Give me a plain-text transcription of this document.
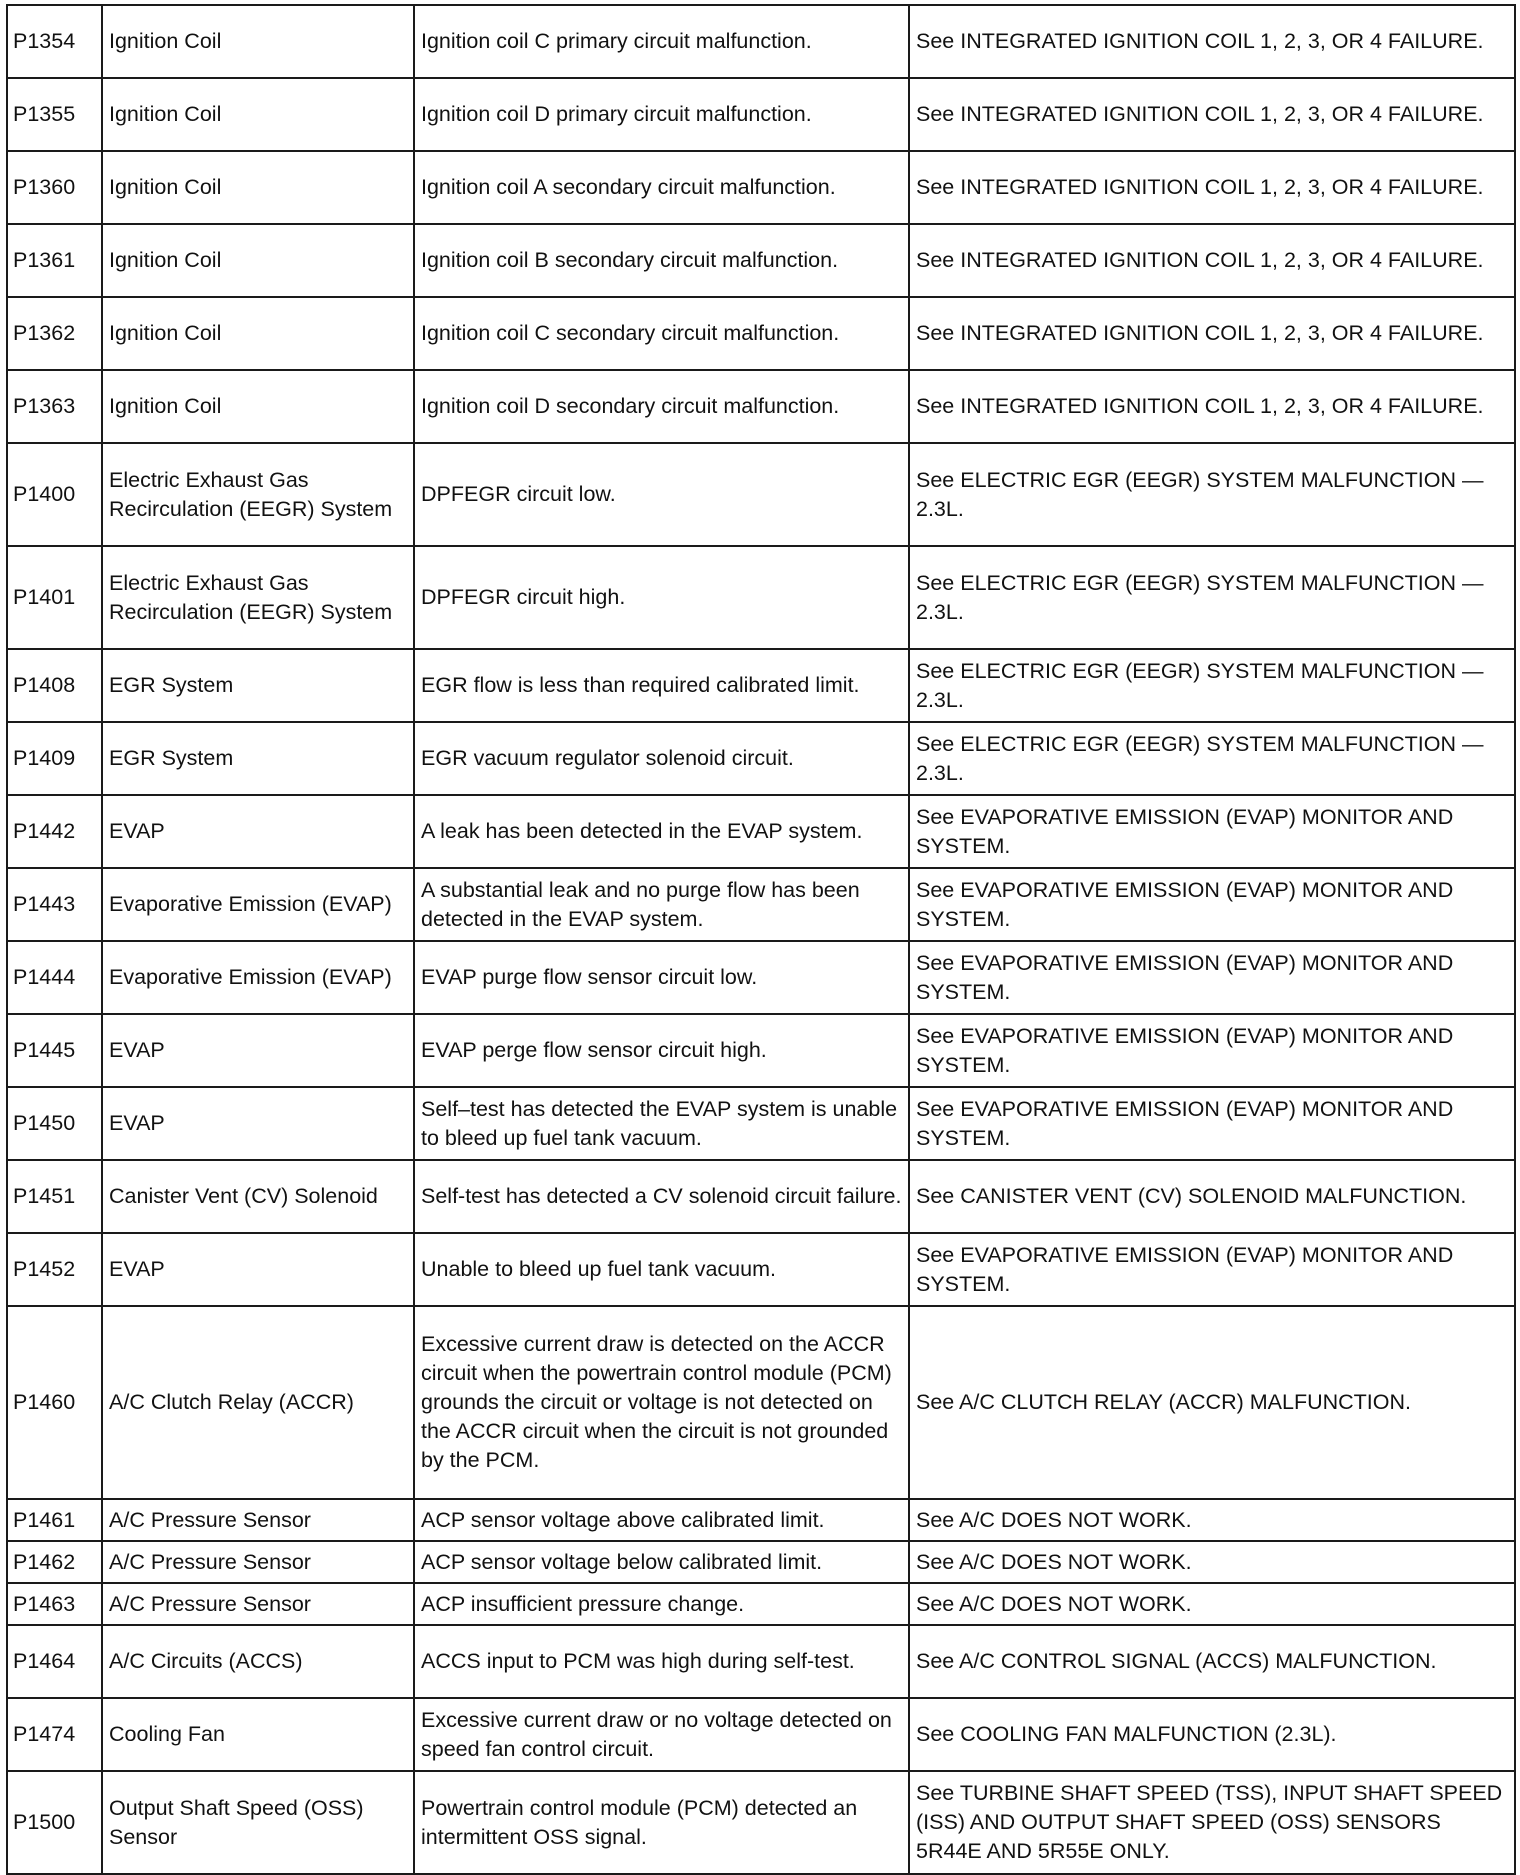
P1354	Ignition Coil	Ignition coil C primary circuit malfunction.	See INTEGRATED IGNITION COIL 1, 2, 3, OR 4 FAILURE.
P1355	Ignition Coil	Ignition coil D primary circuit malfunction.	See INTEGRATED IGNITION COIL 1, 2, 3, OR 4 FAILURE.
P1360	Ignition Coil	Ignition coil A secondary circuit malfunction.	See INTEGRATED IGNITION COIL 1, 2, 3, OR 4 FAILURE.
P1361	Ignition Coil	Ignition coil B secondary circuit malfunction.	See INTEGRATED IGNITION COIL 1, 2, 3, OR 4 FAILURE.
P1362	Ignition Coil	Ignition coil C secondary circuit malfunction.	See INTEGRATED IGNITION COIL 1, 2, 3, OR 4 FAILURE.
P1363	Ignition Coil	Ignition coil D secondary circuit malfunction.	See INTEGRATED IGNITION COIL 1, 2, 3, OR 4 FAILURE.
P1400	Electric Exhaust Gas Recirculation (EEGR) System	DPFEGR circuit low.	See ELECTRIC EGR (EEGR) SYSTEM MALFUNCTION — 2.3L.
P1401	Electric Exhaust Gas Recirculation (EEGR) System	DPFEGR circuit high.	See ELECTRIC EGR (EEGR) SYSTEM MALFUNCTION — 2.3L.
P1408	EGR System	EGR flow is less than required calibrated limit.	See ELECTRIC EGR (EEGR) SYSTEM MALFUNCTION — 2.3L.
P1409	EGR System	EGR vacuum regulator solenoid circuit.	See ELECTRIC EGR (EEGR) SYSTEM MALFUNCTION — 2.3L.
P1442	EVAP	A leak has been detected in the EVAP system.	See EVAPORATIVE EMISSION (EVAP) MONITOR AND SYSTEM.
P1443	Evaporative Emission (EVAP)	A substantial leak and no purge flow has been detected in the EVAP system.	See EVAPORATIVE EMISSION (EVAP) MONITOR AND SYSTEM.
P1444	Evaporative Emission (EVAP)	EVAP purge flow sensor circuit low.	See EVAPORATIVE EMISSION (EVAP) MONITOR AND SYSTEM.
P1445	EVAP	EVAP perge flow sensor circuit high.	See EVAPORATIVE EMISSION (EVAP) MONITOR AND SYSTEM.
P1450	EVAP	Self–test has detected the EVAP system is unable to bleed up fuel tank vacuum.	See EVAPORATIVE EMISSION (EVAP) MONITOR AND SYSTEM.
P1451	Canister Vent (CV) Solenoid	Self-test has detected a CV solenoid circuit failure.	See CANISTER VENT (CV) SOLENOID MALFUNCTION.
P1452	EVAP	Unable to bleed up fuel tank vacuum.	See EVAPORATIVE EMISSION (EVAP) MONITOR AND SYSTEM.
P1460	A/C Clutch Relay (ACCR)	Excessive current draw is detected on the ACCR circuit when the powertrain control module (PCM) grounds the circuit or voltage is not detected on the ACCR circuit when the circuit is not grounded by the PCM.	See A/C CLUTCH RELAY (ACCR) MALFUNCTION.
P1461	A/C Pressure Sensor	ACP sensor voltage above calibrated limit.	See A/C DOES NOT WORK.
P1462	A/C Pressure Sensor	ACP sensor voltage below calibrated limit.	See A/C DOES NOT WORK.
P1463	A/C Pressure Sensor	ACP insufficient pressure change.	See A/C DOES NOT WORK.
P1464	A/C Circuits (ACCS)	ACCS input to PCM was high during self-test.	See A/C CONTROL SIGNAL (ACCS) MALFUNCTION.
P1474	Cooling Fan	Excessive current draw or no voltage detected on speed fan control circuit.	See COOLING FAN MALFUNCTION (2.3L).
P1500	Output Shaft Speed (OSS) Sensor	Powertrain control module (PCM) detected an intermittent OSS signal.	See TURBINE SHAFT SPEED (TSS), INPUT SHAFT SPEED (ISS) AND OUTPUT SHAFT SPEED (OSS) SENSORS 5R44E AND 5R55E ONLY.
